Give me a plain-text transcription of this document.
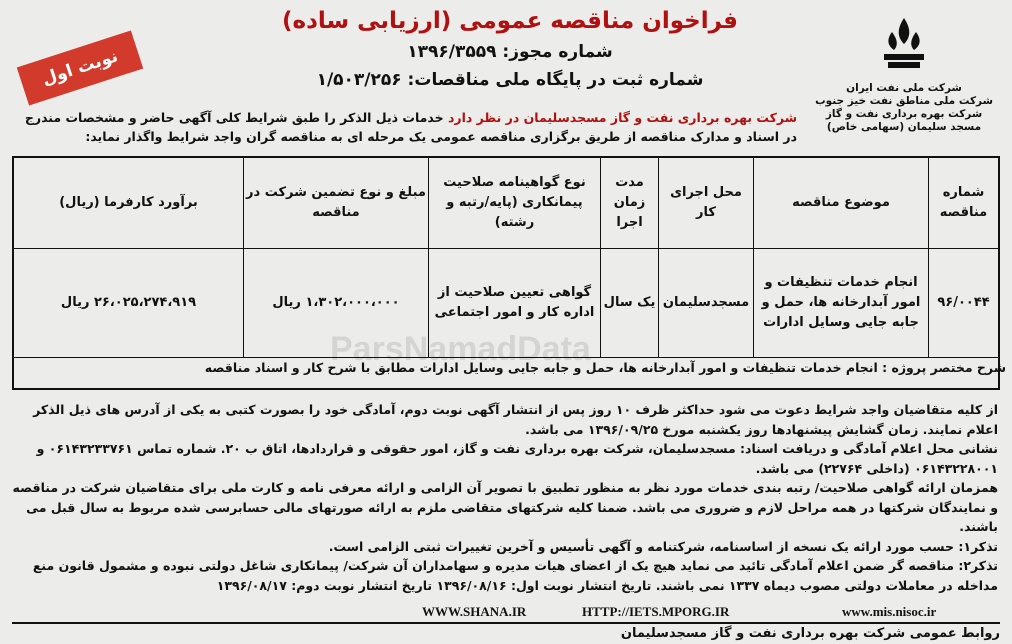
شرکت ملی نفت ایران
شرکت ملی مناطق نفت خیز جنوب
شرکت بهره برداری نفت و گاز
مسجد سلیمان (سهامی خاص)
فراخوان مناقصه عمومی (ارزیابی ساده)
شماره مجوز: ۱۳۹۶/۳۵۵۹
شماره ثبت در پایگاه ملی مناقصات: ۱/۵۰۳/۲۵۶
نوبت اول
شرکت بهره برداری نفت و گاز مسجدسلیمان در نظر دارد خدمات ذیل الذکر را طبق شرایط کلی آگهی حاضر و مشخصات مندرج در اسناد و مدارک مناقصه از طریق برگزاری مناقصه عمومی یک مرحله ای به مناقصه گران واجد شرایط واگذار نماید:
شماره مناقصه
موضوع مناقصه
محل اجرای کار
مدت زمان اجرا
نوع گواهینامه صلاحیت پیمانکاری (پایه/رتبه و رشته)
مبلغ و نوع تضمین شرکت در مناقصه
برآورد کارفرما (ریال)
۹۶/۰۰۴۴
انجام خدمات تنظیفات و امور آبدارخانه ها، حمل و جابه جایی وسایل ادارات
مسجدسلیمان
یک سال
گواهی تعیین صلاحیت از اداره کار و امور اجتماعی
۱،۳۰۲،۰۰۰،۰۰۰ ریال
۲۶،۰۲۵،۲۷۴،۹۱۹ ریال
شرح مختصر پروژه : انجام خدمات تنظیفات و امور آبدارخانه ها، حمل و جابه جایی وسایل ادارات مطابق با شرح کار و اسناد مناقصه
ParsNamadData

از کلیه متقاضیان واجد شرایط دعوت می شود حداکثر ظرف ۱۰ روز پس از انتشار آگهی نوبت دوم، آمادگی خود را بصورت کتبی به یکی از آدرس های ذیل الذکر اعلام نمایند. زمان گشایش پیشنهادها روز یکشنبه مورخ ۱۳۹۶/۰۹/۲۵ می باشد.

نشانی محل اعلام آمادگی و دریافت اسناد: مسجدسلیمان، شرکت بهره برداری نفت و گاز، امور حقوقی و قراردادها، اتاق ب ۲۰. شماره تماس ۰۶۱۴۳۲۳۳۷۶۱ و ۰۶۱۴۳۲۲۸۰۰۱ (داخلی ۲۲۷۶۴) می باشد.

همزمان ارائه گواهی صلاحیت/ رتبه بندی خدمات مورد نظر به منظور تطبیق با تصویر آن الزامی و ارائه معرفی نامه و کارت ملی برای متقاضیان شرکت در مناقصه و نمایندگان شرکتها در همه مراحل لازم و ضروری می باشد. ضمنا کلیه شرکتهای متقاضی ملزم به ارائه صورتهای مالی حسابرسی شده مربوط به سال قبل می باشند.

تذکر۱: حسب مورد ارائه یک نسخه از اساسنامه، شرکتنامه و آگهی تأسیس و آخرین تغییرات ثبتی الزامی است.

تذکر۲: مناقصه گر ضمن اعلام آمادگی تائید می نماید هیچ یک از اعضای هیات مدیره و سهامداران آن شرکت/ پیمانکاری شاغل دولتی نبوده و مشمول قانون منع مداخله در معاملات دولتی مصوب دیماه ۱۳۳۷ نمی باشند. تاریخ انتشار نوبت اول: ۱۳۹۶/۰۸/۱۶ تاریخ انتشار نوبت دوم: ۱۳۹۶/۰۸/۱۷

www.mis.nisoc.ir
HTTP://IETS.MPORG.IR
WWW.SHANA.IR
روابط عمومی شرکت بهره برداری نفت و گاز مسجدسلیمان
